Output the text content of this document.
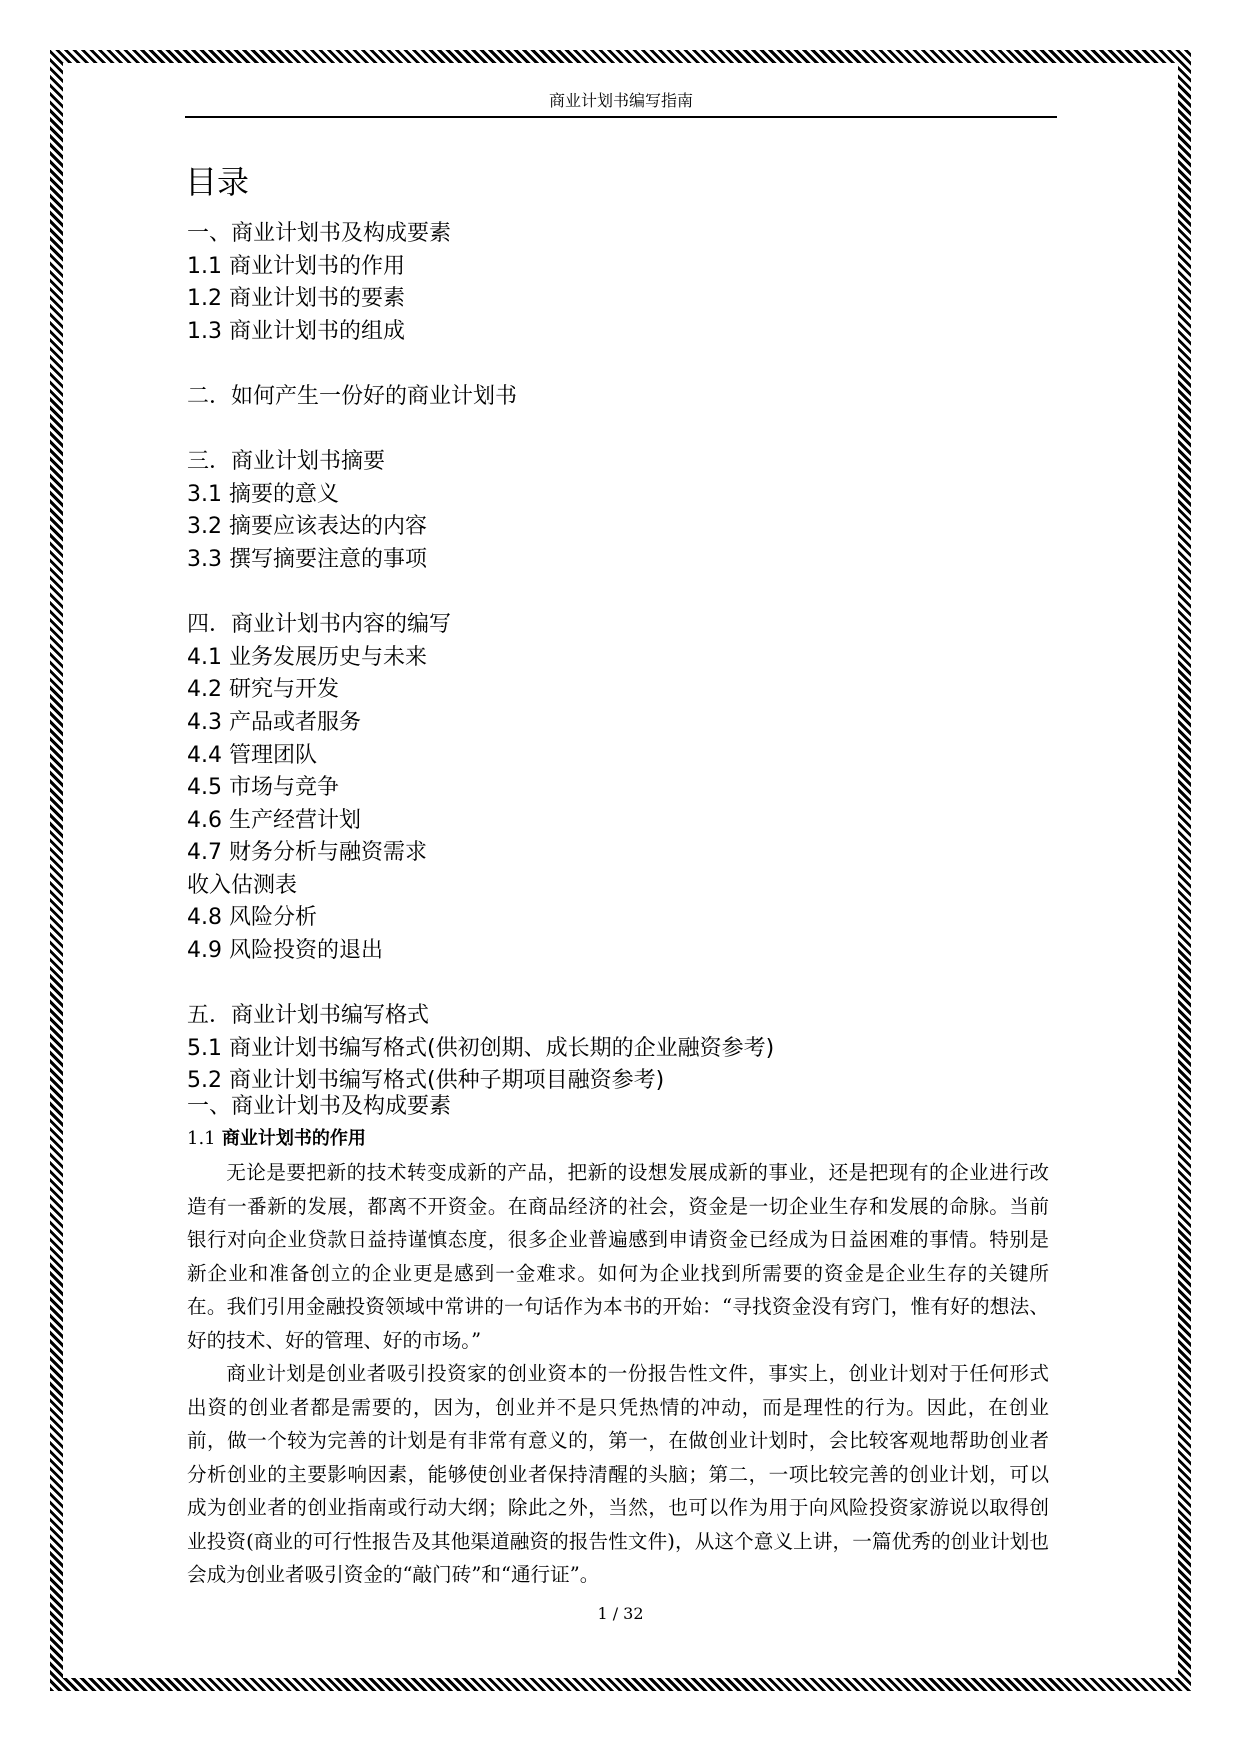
商业计划书编写指南
目录
一、商业计划书及构成要素
1.1 商业计划书的作用
1.2 商业计划书的要素
1.3 商业计划书的组成
二．如何产生一份好的商业计划书
三．商业计划书摘要
3.1 摘要的意义
3.2 摘要应该表达的内容
3.3 撰写摘要注意的事项
四．商业计划书内容的编写
4.1 业务发展历史与未来
4.2 研究与开发
4.3 产品或者服务
4.4 管理团队
4.5 市场与竞争
4.6 生产经营计划
4.7 财务分析与融资需求
收入估测表
4.8 风险分析
4.9 风险投资的退出
五．商业计划书编写格式
5.1 商业计划书编写格式(供初创期、成长期的企业融资参考)
5.2 商业计划书编写格式(供种子期项目融资参考)
一、商业计划书及构成要素
1.1 商业计划书的作用

无论是要把新的技术转变成新的产品，把新的设想发展成新的事业，还是把现有的企业进行改造有一番新的发展，都离不开资金。在商品经济的社会，资金是一切企业生存和发展的命脉。当前银行对向企业贷款日益持谨慎态度，很多企业普遍感到申请资金已经成为日益困难的事情。特别是新企业和准备创立的企业更是感到一金难求。如何为企业找到所需要的资金是企业生存的关键所在。我们引用金融投资领域中常讲的一句话作为本书的开始：“寻找资金没有窍门，惟有好的想法、好的技术、好的管理、好的市场。”

商业计划是创业者吸引投资家的创业资本的一份报告性文件，事实上，创业计划对于任何形式出资的创业者都是需要的，因为，创业并不是只凭热情的冲动，而是理性的行为。因此，在创业前，做一个较为完善的计划是有非常有意义的，第一，在做创业计划时，会比较客观地帮助创业者分析创业的主要影响因素，能够使创业者保持清醒的头脑；第二，一项比较完善的创业计划，可以成为创业者的创业指南或行动大纲；除此之外，当然，也可以作为用于向风险投资家游说以取得创业投资(商业的可行性报告及其他渠道融资的报告性文件)，从这个意义上讲，一篇优秀的创业计划也会成为创业者吸引资金的“敲门砖”和“通行证”。

1 / 32
